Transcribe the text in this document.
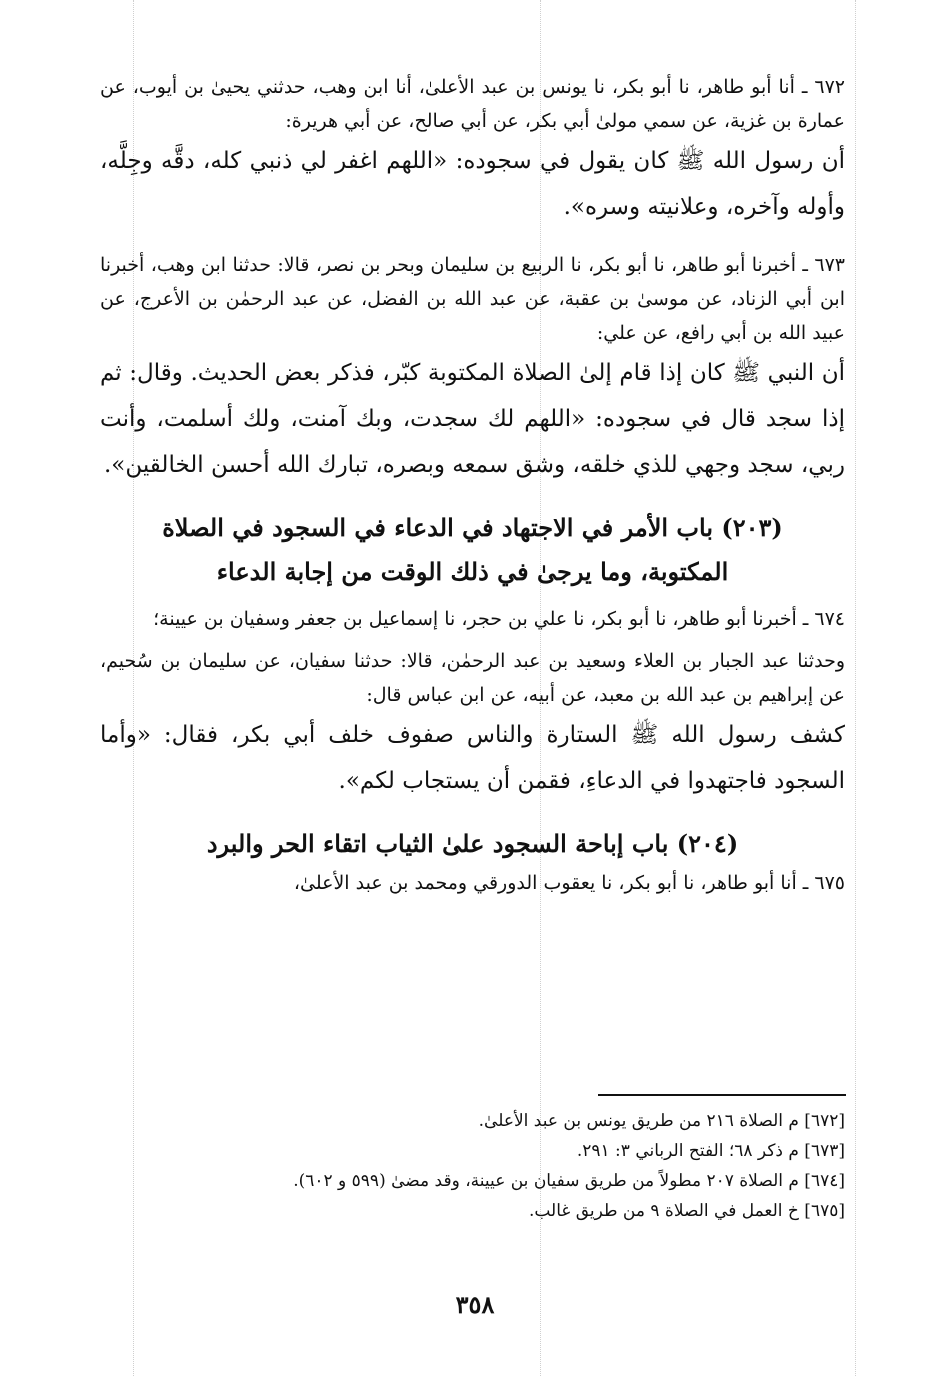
٦٧٢ ـ أنا أبو طاهر، نا أبو بكر، نا يونس بن عبد الأعلىٰ، أنا ابن وهب، حدثني يحيىٰ بن أيوب، عن عمارة بن غزية، عن سمي مولىٰ أبي بكر، عن أبي صالح، عن أبي هريرة:

أن رسول الله ﷺ كان يقول في سجوده: «اللهم اغفر لي ذنبي كله، دقَّه وجِلَّه، وأوله وآخره، وعلانيته وسره».

٦٧٣ ـ أخبرنا أبو طاهر، نا أبو بكر، نا الربيع بن سليمان وبحر بن نصر، قالا: حدثنا ابن وهب، أخبرنا ابن أبي الزناد، عن موسىٰ بن عقبة، عن عبد الله بن الفضل، عن عبد الرحمٰن بن الأعرج، عن عبيد الله بن أبي رافع، عن علي:

أن النبي ﷺ كان إذا قام إلىٰ الصلاة المكتوبة كبّر، فذكر بعض الحديث. وقال: ثم إذا سجد قال في سجوده: «اللهم لك سجدت، وبك آمنت، ولك أسلمت، وأنت ربي، سجد وجهي للذي خلقه، وشق سمعه وبصره، تبارك الله أحسن الخالقين».

(٢٠٣) باب الأمر في الاجتهاد في الدعاء في السجود في الصلاة

المكتوبة، وما يرجىٰ في ذلك الوقت من إجابة الدعاء

٦٧٤ ـ أخبرنا أبو طاهر، نا أبو بكر، نا علي بن حجر، نا إسماعيل بن جعفر وسفيان بن عيينة؛

وحدثنا عبد الجبار بن العلاء وسعيد بن عبد الرحمٰن، قالا: حدثنا سفيان، عن سليمان بن سُحيم، عن إبراهيم بن عبد الله بن معبد، عن أبيه، عن ابن عباس قال:

كشف رسول الله ﷺ الستارة والناس صفوف خلف أبي بكر، فقال: «وأما السجود فاجتهدوا في الدعاءِ، فقمن أن يستجاب لكم».

(٢٠٤) باب إباحة السجود علىٰ الثياب اتقاء الحر والبرد

٦٧٥ ـ أنا أبو طاهر، نا أبو بكر، نا يعقوب الدورقي ومحمد بن عبد الأعلىٰ،

[٦٧٢] م الصلاة ٢١٦ من طريق يونس بن عبد الأعلىٰ.

[٦٧٣] م ذكر ٦٨؛ الفتح الرباني ٣: ٢٩١.

[٦٧٤] م الصلاة ٢٠٧ مطولاً من طريق سفيان بن عيينة، وقد مضىٰ (٥٩٩ و ٦٠٢).

[٦٧٥] خ العمل في الصلاة ٩ من طريق غالب.

٣٥٨
